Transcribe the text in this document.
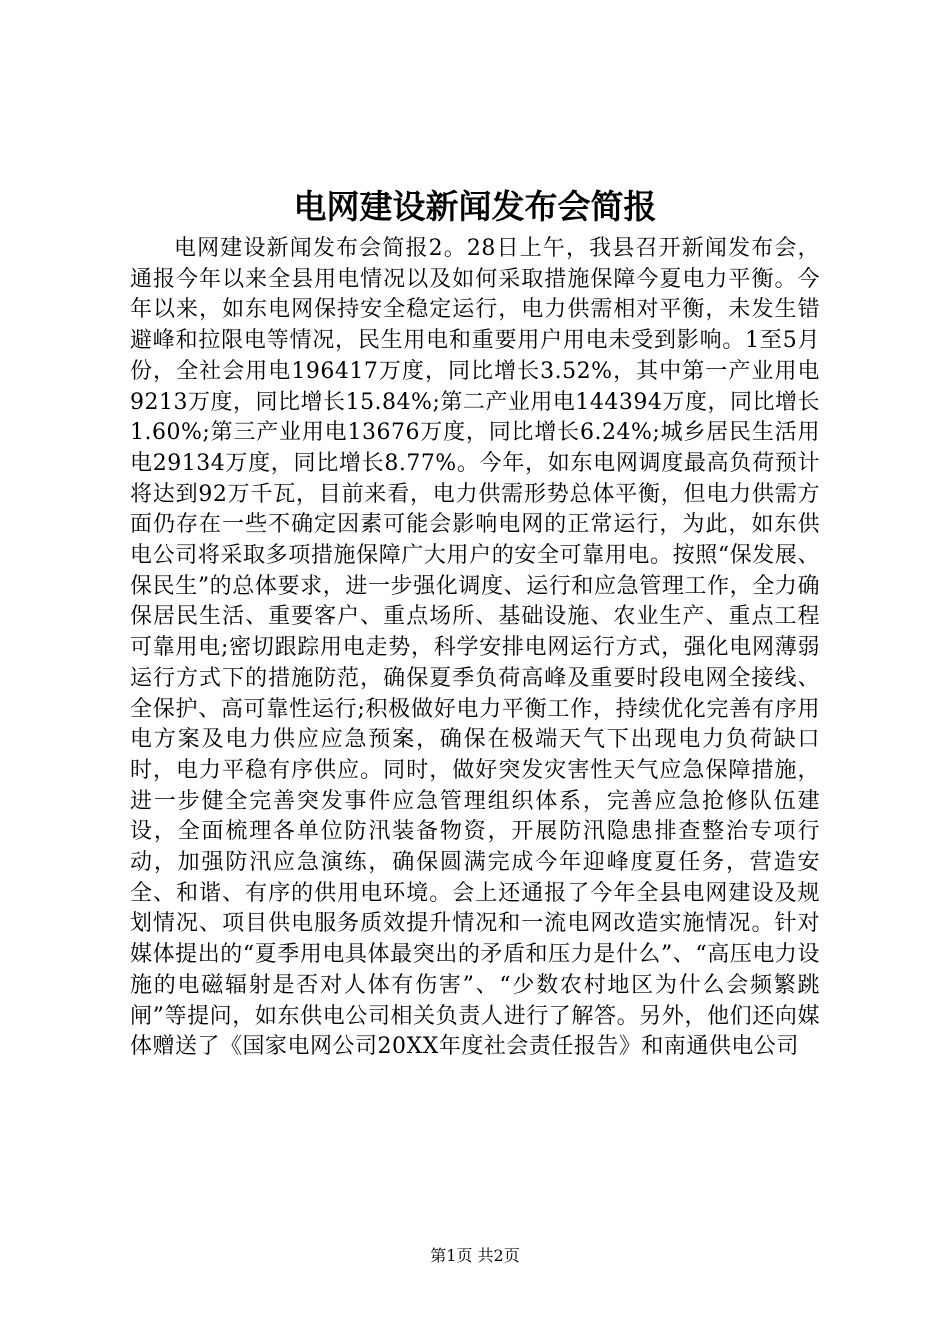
电网建设新闻发布会简报

电网建设新闻发布会简报2。28日上午，我县召开新闻发布会，通报今年以来全县用电情况以及如何采取措施保障今夏电力平衡。今年以来，如东电网保持安全稳定运行，电力供需相对平衡，未发生错避峰和拉限电等情况，民生用电和重要用户用电未受到影响。1至5月份，全社会用电196417万度，同比增长3.52%，其中第一产业用电9213万度，同比增长15.84%;第二产业用电144394万度，同比增长1.60%;第三产业用电13676万度，同比增长6.24%;城乡居民生活用电29134万度，同比增长8.77%。今年，如东电网调度最高负荷预计将达到92万千瓦，目前来看，电力供需形势总体平衡，但电力供需方面仍存在一些不确定因素可能会影响电网的正常运行，为此，如东供电公司将采取多项措施保障广大用户的安全可靠用电。按照“保发展、保民生”的总体要求，进一步强化调度、运行和应急管理工作，全力确保居民生活、重要客户、重点场所、基础设施、农业生产、重点工程可靠用电;密切跟踪用电走势，科学安排电网运行方式，强化电网薄弱运行方式下的措施防范，确保夏季负荷高峰及重要时段电网全接线、全保护、高可靠性运行;积极做好电力平衡工作，持续优化完善有序用电方案及电力供应应急预案，确保在极端天气下出现电力负荷缺口时，电力平稳有序供应。同时，做好突发灾害性天气应急保障措施，进一步健全完善突发事件应急管理组织体系，完善应急抢修队伍建设，全面梳理各单位防汛装备物资，开展防汛隐患排查整治专项行动，加强防汛应急演练，确保圆满完成今年迎峰度夏任务，营造安全、和谐、有序的供用电环境。会上还通报了今年全县电网建设及规划情况、项目供电服务质效提升情况和一流电网改造实施情况。针对媒体提出的“夏季用电具体最突出的矛盾和压力是什么”、“高压电力设施的电磁辐射是否对人体有伤害”、“少数农村地区为什么会频繁跳闸”等提问，如东供电公司相关负责人进行了解答。另外，他们还向媒体赠送了《国家电网公司20XX年度社会责任报告》和南通供电公司

第1页 共2页
